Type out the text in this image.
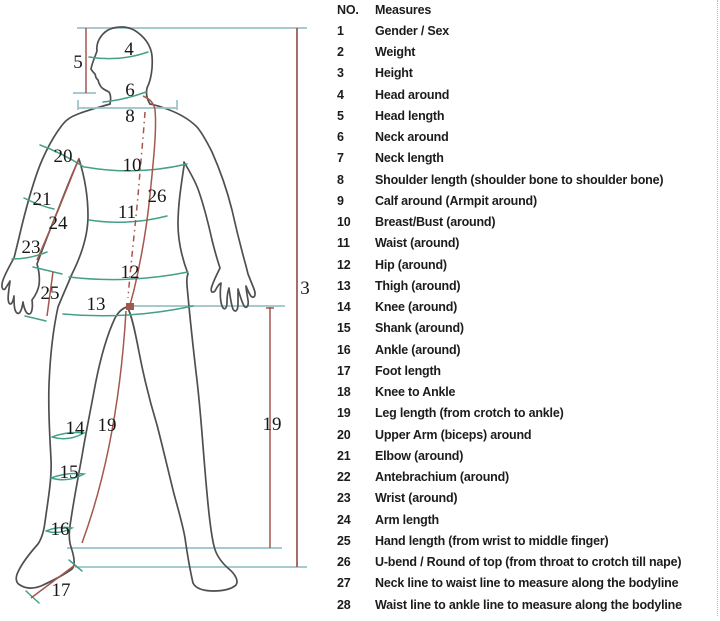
4
5
6
8
20	10
26
21
11
24
23
12
25
13
14 19	19
15
16
17
3
NO.	Measures
1	Gender / Sex
2	Weight
3	Height
4	Head around
5	Head length
6	Neck around
7	Neck length
8	Shoulder length (shoulder bone to shoulder bone)
9	Calf around (Armpit around)
10	Breast/Bust (around)
11	Waist (around)
12	Hip (around)
13	Thigh (around)
14	Knee (around)
15	Shank (around)
16	Ankle (around)
17	Foot length
18	Knee to Ankle
19	Leg length (from crotch to ankle)
20	Upper Arm (biceps) around
21	Elbow (around)
22	Antebrachium (around)
23	Wrist (around)
24	Arm length
25	Hand length (from wrist to middle finger)
26	U-bend / Round of top (from throat to crotch till nape)
27	Neck line to waist line to measure along the bodyline
28	Waist line to ankle line to measure along the bodyline
